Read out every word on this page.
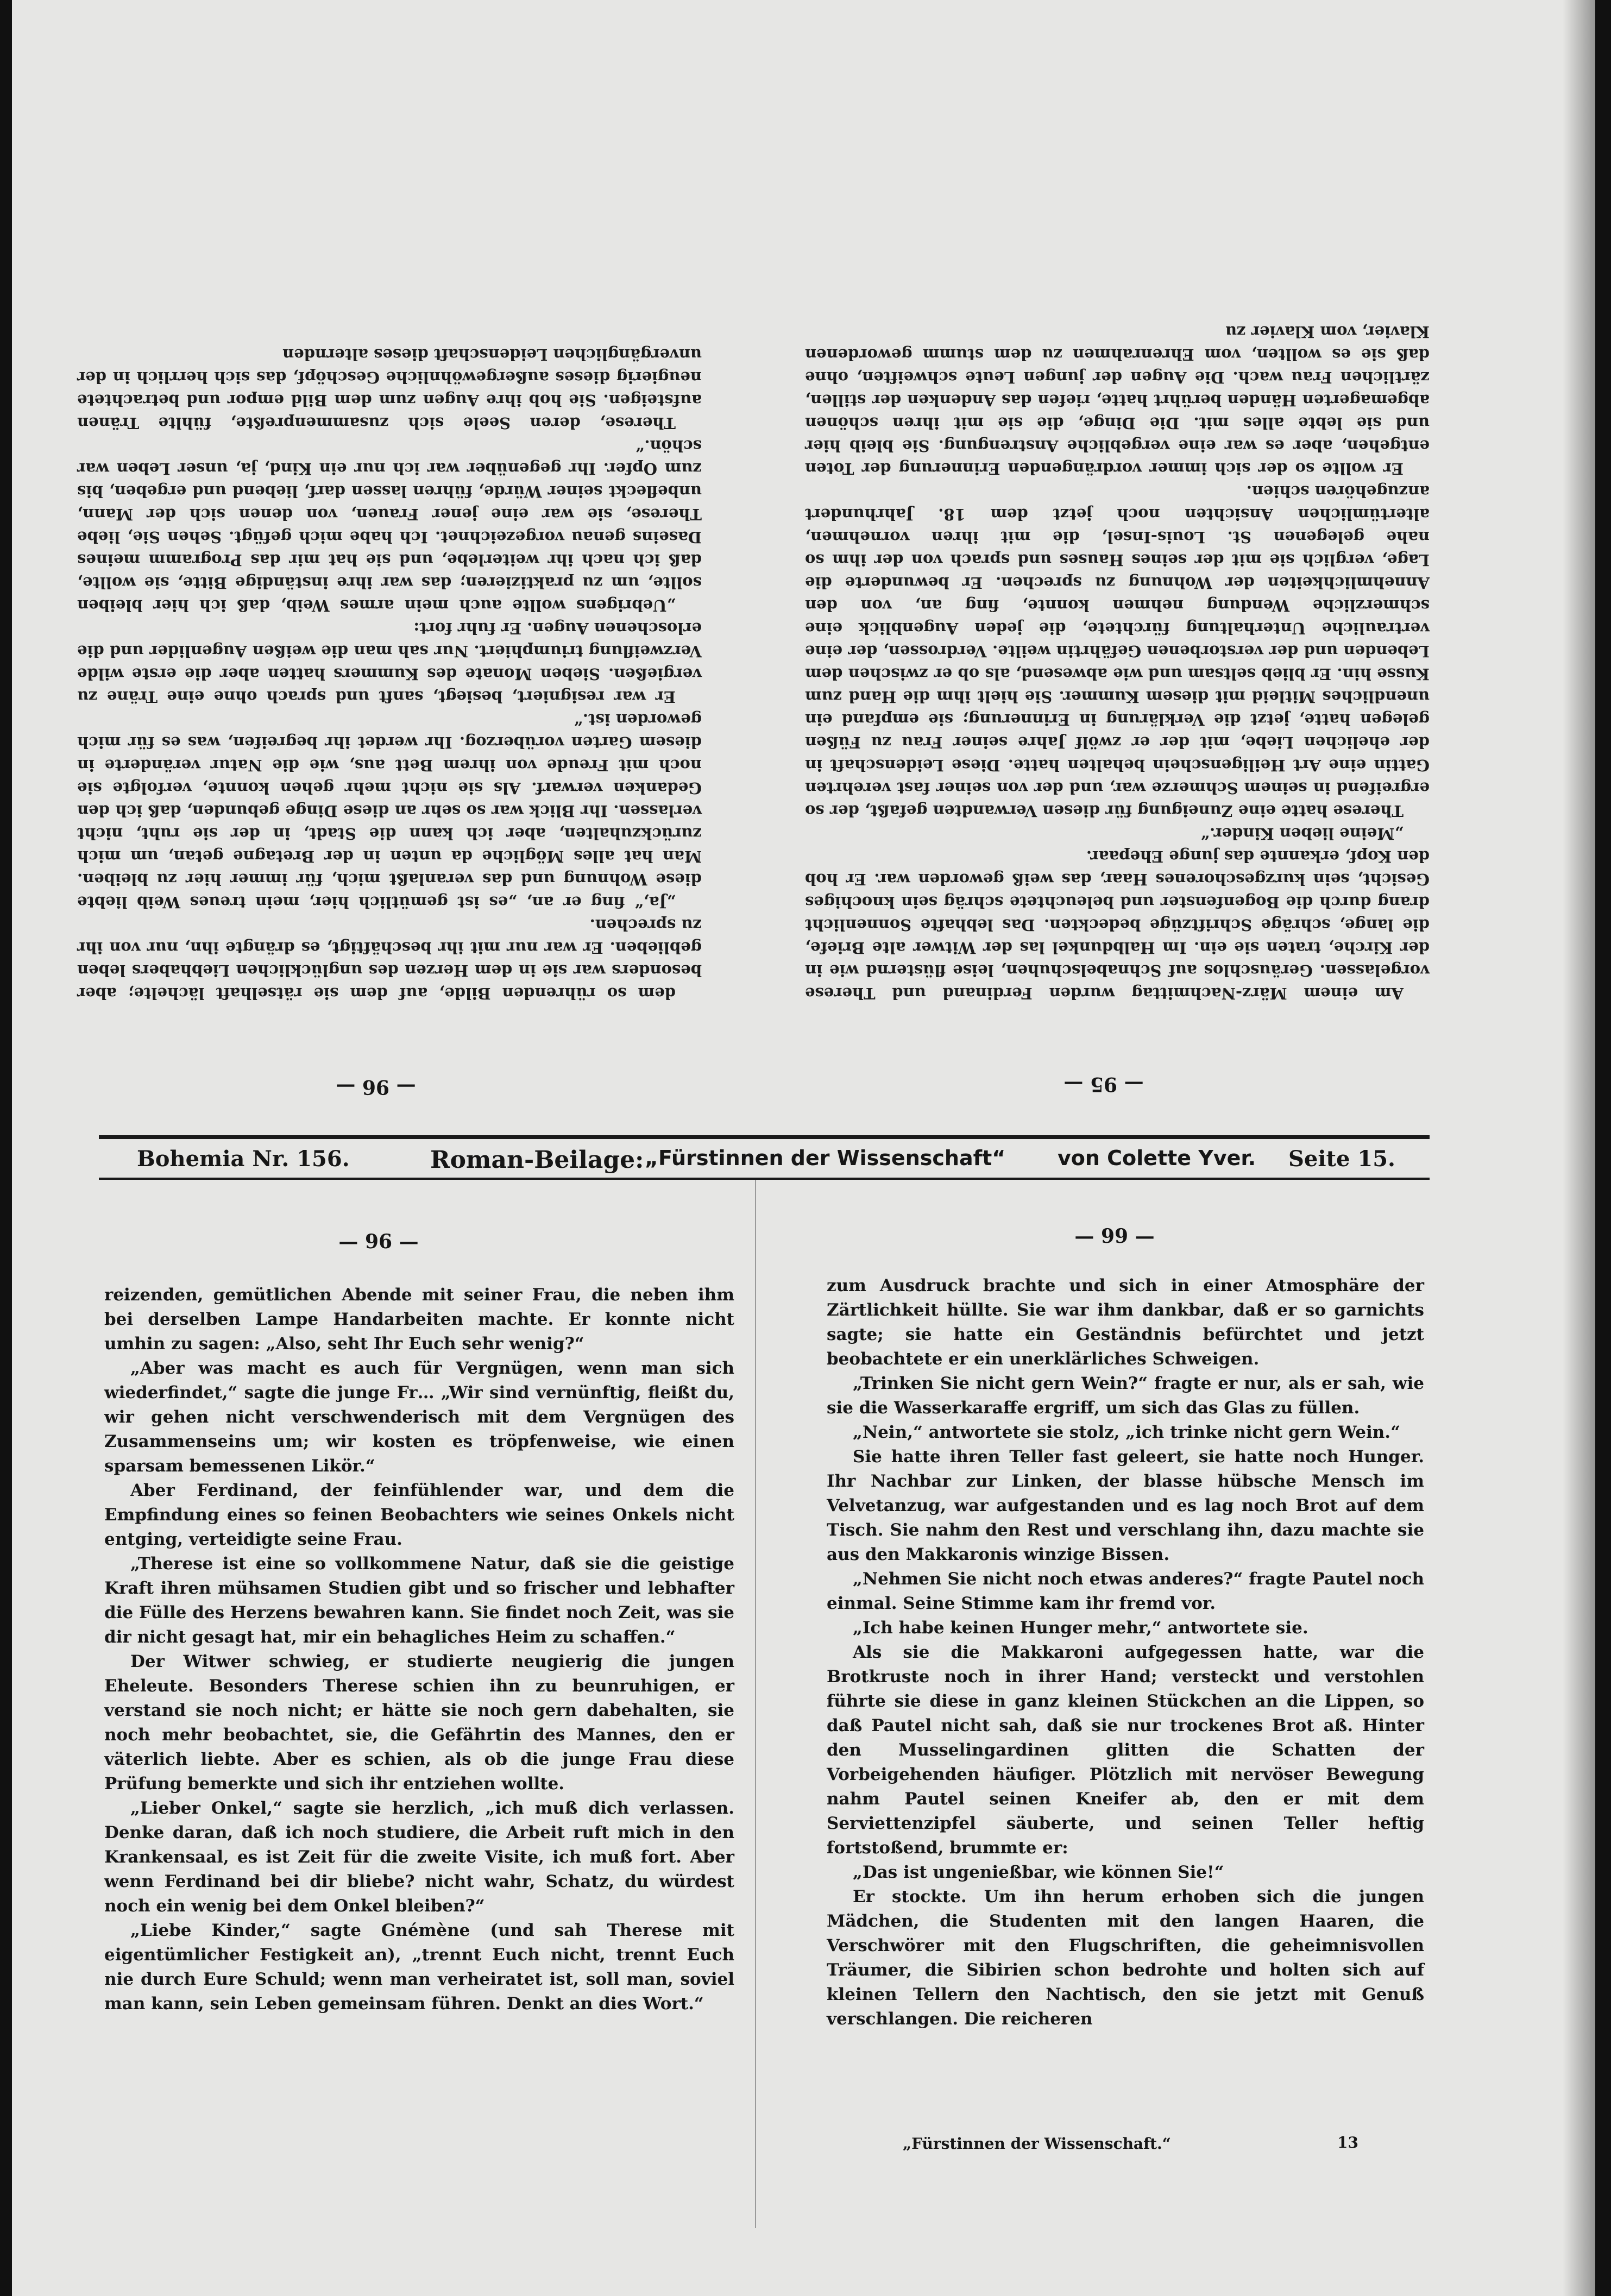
dem so rührenden Bilde, auf dem sie rätselhaft lächelte; aber besonders war sie in dem Herzen des unglücklichen Liebhabers leben geblieben. Er war nur mit ihr beschäftigt, es drängte ihn, nur von ihr zu sprechen.

„Ja,“ fing er an, „es ist gemütlich hier, mein treues Weib liebte diese Wohnung und das veranlaßt mich, für immer hier zu bleiben. Man hat alles Mögliche da unten in der Bretagne getan, um mich zurückzuhalten, aber ich kann die Stadt, in der sie ruht, nicht verlassen. Ihr Blick war so sehr an diese Dinge gebunden, daß ich den Gedanken verwarf. Als sie nicht mehr gehen konnte, verfolgte sie noch mit Freude von ihrem Bett aus, wie die Natur veränderte in diesem Garten vorüberzog. Ihr werdet ihr begreifen, was es für mich geworden ist.“

Er war resigniert, besiegt, sanft und sprach ohne eine Träne zu vergießen. Sieben Monate des Kummers hatten aber die erste wilde Verzweiflung triumphiert. Nur sah man die weißen Augenlider und die erloschenen Augen. Er fuhr fort:

„Uebrigens wollte auch mein armes Weib, daß ich hier bleiben sollte, um zu praktizieren; das war ihre inständige Bitte, sie wollte, daß ich nach ihr weiterlebe, und sie hat mir das Programm meines Daseins genau vorgezeichnet. Ich habe mich gefügt. Sehen Sie, liebe Therese, sie war eine jener Frauen, von denen sich der Mann, unbefleckt seiner Würde, führen lassen darf, liebend und ergeben, bis zum Opfer. Ihr gegenüber war ich nur ein Kind, ja, unser Leben war schön.“

Therese, deren Seele sich zusammenpreßte, fühlte Tränen aufsteigen. Sie hob ihre Augen zum dem Bild empor und betrachtete neugierig dieses außergewöhnliche Geschöpf, das sich herrlich in der unvergänglichen Leidenschaft dieses alternden

Am einem März-Nachmittag wurden Ferdinand und Therese vorgelassen. Geräuschlos auf Schnabelschuhen, leise flüsternd wie in der Kirche, traten sie ein. Im Halbdunkel las der Witwer alte Briefe, die lange, schräge Schriftzüge bedeckten. Das lebhafte Sonnenlicht drang durch die Bogenfenster und beleuchtete schräg sein knochiges Gesicht, sein kurzgeschorenes Haar, das weiß geworden war. Er hob den Kopf, erkannte das junge Ehepaar.

„Meine lieben Kinder.“

Therese hatte eine Zuneigung für diesen Verwandten gefaßt, der so ergreifend in seinem Schmerze war, und der von seiner fast verehrten Gattin eine Art Heiligenschein behalten hatte. Diese Leidenschaft in der ehelichen Liebe, mit der er zwölf Jahre seiner Frau zu Füßen gelegen hatte, jetzt die Verklärung in Erinnerung; sie empfand ein unendliches Mitleid mit diesem Kummer. Sie hielt ihm die Hand zum Kusse hin. Er blieb seltsam und wie abwesend, als ob er zwischen dem Lebenden und der verstorbenen Gefährtin weilte. Verdrossen, der eine vertrauliche Unterhaltung fürchtete, die jeden Augenblick eine schmerzliche Wendung nehmen konnte, fing an, von den Annehmlichkeiten der Wohnung zu sprechen. Er bewunderte die Lage, verglich sie mit der seines Hauses und sprach von der ihm so nahe gelegenen St. Louis-Insel, die mit ihren vornehmen, altertümlichen Ansichten noch jetzt dem 18. Jahrhundert anzugehören schien.

Er wollte so der sich immer vordrängenden Erinnerung der Toten entgehen, aber es war eine vergebliche Anstrengung. Sie bleib hier und sie lebte alles mit. Die Dinge, die sie mit ihren schönen abgemagerten Händen berührt hatte, riefen das Andenken der stillen, zärtlichen Frau wach. Die Augen der jungen Leute schweiften, ohne daß sie es wollten, vom Ehrenrahmen zu dem stumm gewordenen Klavier, vom Klavier zu

— 96 —	— 95 —
Bohemia Nr. 156.	Roman-Beilage: „Fürstinnen der Wissenschaft“	von Colette Yver. Seite 15.
— 96 —	— 99 —

reizenden, gemütlichen Abende mit seiner Frau, die neben ihm bei derselben Lampe Handarbeiten machte. Er konnte nicht umhin zu sagen: „Also, seht Ihr Euch sehr wenig?“

„Aber was macht es auch für Vergnügen, wenn man sich wiederfindet,“ sagte die junge Fr… „Wir sind vernünftig, fleißt du, wir gehen nicht verschwenderisch mit dem Vergnügen des Zusammenseins um; wir kosten es tröpfenweise, wie einen sparsam bemessenen Likör.“

Aber Ferdinand, der feinfühlender war, und dem die Empfindung eines so feinen Beobachters wie seines Onkels nicht entging, verteidigte seine Frau.

„Therese ist eine so vollkommene Natur, daß sie die geistige Kraft ihren mühsamen Studien gibt und so frischer und lebhafter die Fülle des Herzens bewahren kann. Sie findet noch Zeit, was sie dir nicht gesagt hat, mir ein behagliches Heim zu schaffen.“

Der Witwer schwieg, er studierte neugierig die jungen Eheleute. Besonders Therese schien ihn zu beunruhigen, er verstand sie noch nicht; er hätte sie noch gern dabehalten, sie noch mehr beobachtet, sie, die Gefährtin des Mannes, den er väterlich liebte. Aber es schien, als ob die junge Frau diese Prüfung bemerkte und sich ihr entziehen wollte.

„Lieber Onkel,“ sagte sie herzlich, „ich muß dich verlassen. Denke daran, daß ich noch studiere, die Arbeit ruft mich in den Krankensaal, es ist Zeit für die zweite Visite, ich muß fort. Aber wenn Ferdinand bei dir bliebe? nicht wahr, Schatz, du würdest noch ein wenig bei dem Onkel bleiben?“

„Liebe Kinder,“ sagte Gnémène (und sah Therese mit eigentümlicher Festigkeit an), „trennt Euch nicht, trennt Euch nie durch Eure Schuld; wenn man verheiratet ist, soll man, soviel man kann, sein Leben gemeinsam führen. Denkt an dies Wort.“

zum Ausdruck brachte und sich in einer Atmosphäre der Zärtlichkeit hüllte. Sie war ihm dankbar, daß er so garnichts sagte; sie hatte ein Geständnis befürchtet und jetzt beobachtete er ein unerklärliches Schweigen.

„Trinken Sie nicht gern Wein?“ fragte er nur, als er sah, wie sie die Wasserkaraffe ergriff, um sich das Glas zu füllen.

„Nein,“ antwortete sie stolz, „ich trinke nicht gern Wein.“

Sie hatte ihren Teller fast geleert, sie hatte noch Hunger. Ihr Nachbar zur Linken, der blasse hübsche Mensch im Velvetanzug, war aufgestanden und es lag noch Brot auf dem Tisch. Sie nahm den Rest und verschlang ihn, dazu machte sie aus den Makkaronis winzige Bissen.

„Nehmen Sie nicht noch etwas anderes?“ fragte Pautel noch einmal. Seine Stimme kam ihr fremd vor.

„Ich habe keinen Hunger mehr,“ antwortete sie.

Als sie die Makkaroni aufgegessen hatte, war die Brotkruste noch in ihrer Hand; versteckt und verstohlen führte sie diese in ganz kleinen Stückchen an die Lippen, so daß Pautel nicht sah, daß sie nur trockenes Brot aß. Hinter den Musselingardinen glitten die Schatten der Vorbeigehenden häufiger. Plötzlich mit nervöser Bewegung nahm Pautel seinen Kneifer ab, den er mit dem Serviettenzipfel säuberte, und seinen Teller heftig fortstoßend, brummte er:

„Das ist ungenießbar, wie können Sie!“

Er stockte. Um ihn herum erhoben sich die jungen Mädchen, die Studenten mit den langen Haaren, die Verschwörer mit den Flugschriften, die geheimnisvollen Träumer, die Sibirien schon bedrohte und holten sich auf kleinen Tellern den Nachtisch, den sie jetzt mit Genuß verschlangen. Die reicheren

„Fürstinnen der Wissenschaft.“	13
